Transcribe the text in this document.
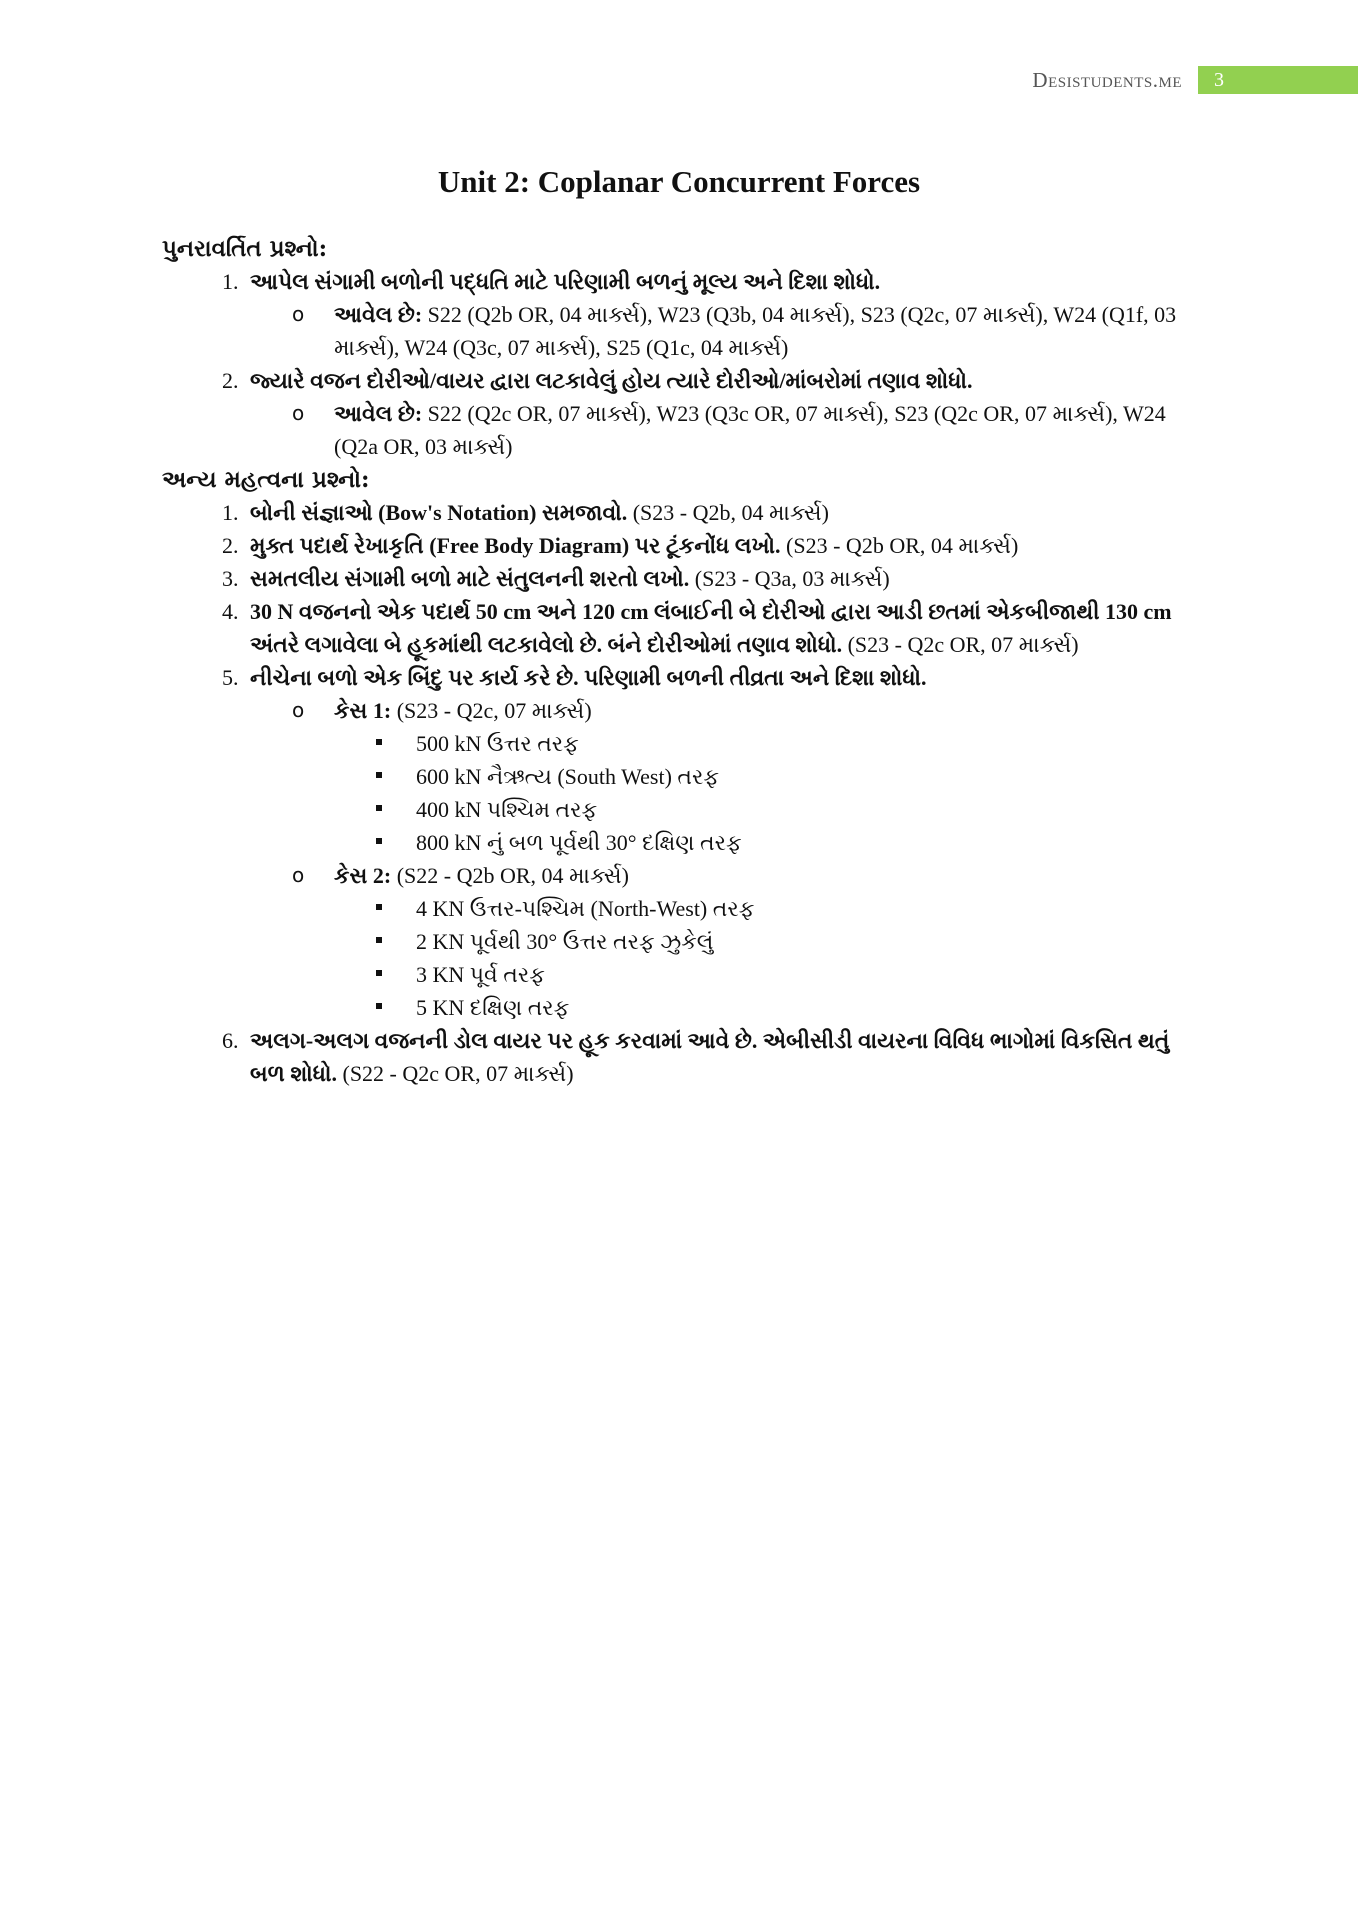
Desistudents.me	3
Unit 2: Coplanar Concurrent Forces
પુનરાવર્તિત પ્રશ્નો:
1. આપેલ સંગામી બળોની પદ્ધતિ માટે પરિણામી બળનું મૂલ્ય અને દિશા શોધો.
o આવેલ છે: S22 (Q2b OR, 04 માર્ક્સ), W23 (Q3b, 04 માર્ક્સ), S23 (Q2c, 07 માર્ક્સ), W24 (Q1f, 03 માર્ક્સ), W24 (Q3c, 07 માર્ક્સ), S25 (Q1c, 04 માર્ક્સ)
2. જ્યારે વજન દોરીઓ/વાયર દ્વારા લટકાવેલું હોય ત્યારે દોરીઓ/માંબરોમાં તણાવ શોધો.
o આવેલ છે: S22 (Q2c OR, 07 માર્ક્સ), W23 (Q3c OR, 07 માર્ક્સ), S23 (Q2c OR, 07 માર્ક્સ), W24 (Q2a OR, 03 માર્ક્સ)
અન્ય મહત્વના પ્રશ્નો:
1. બોની સંજ્ઞાઓ (Bow's Notation) સમજાવો. (S23 - Q2b, 04 માર્ક્સ)
2. મુક્ત પદાર્થ રેખાકૃતિ (Free Body Diagram) પર ટૂંકનોંધ લખો. (S23 - Q2b OR, 04 માર્ક્સ)
3. સમતલીય સંગામી બળો માટે સંતુલનની શરતો લખો. (S23 - Q3a, 03 માર્ક્સ)
4. 30 N વજનનો એક પદાર્થ 50 cm અને 120 cm લંબાઈની બે દોરીઓ દ્વારા આડી છતમાં એકબીજાથી 130 cm અંતરે લગાવેલા બે હૂકમાંથી લટકાવેલો છે. બંને દોરીઓમાં તણાવ શોધો. (S23 - Q2c OR, 07 માર્ક્સ)
5. નીચેના બળો એક બિંદુ પર કાર્ય કરે છે. પરિણામી બળની તીવ્રતા અને દિશા શોધો.
o કેસ 1: (S23 - Q2c, 07 માર્ક્સ)
500 kN ઉત્તર તરફ
600 kN નૈઋત્ય (South West) તરફ
400 kN પશ્ચિમ તરફ
800 kN નું બળ પૂર્વથી 30° દક્ષિણ તરફ
o કેસ 2: (S22 - Q2b OR, 04 માર્ક્સ)
4 KN ઉત્તર-પશ્ચિમ (North-West) તરફ
2 KN પૂર્વથી 30° ઉત્તર તરફ ઝુકેલું
3 KN પૂર્વ તરફ
5 KN દક્ષિણ તરફ
6. અલગ-અલગ વજનની ડોલ વાયર પર હૂક કરવામાં આવે છે. એબીસીડી વાયરના વિવિધ ભાગોમાં વિકસિત થતું બળ શોધો. (S22 - Q2c OR, 07 માર્ક્સ)
